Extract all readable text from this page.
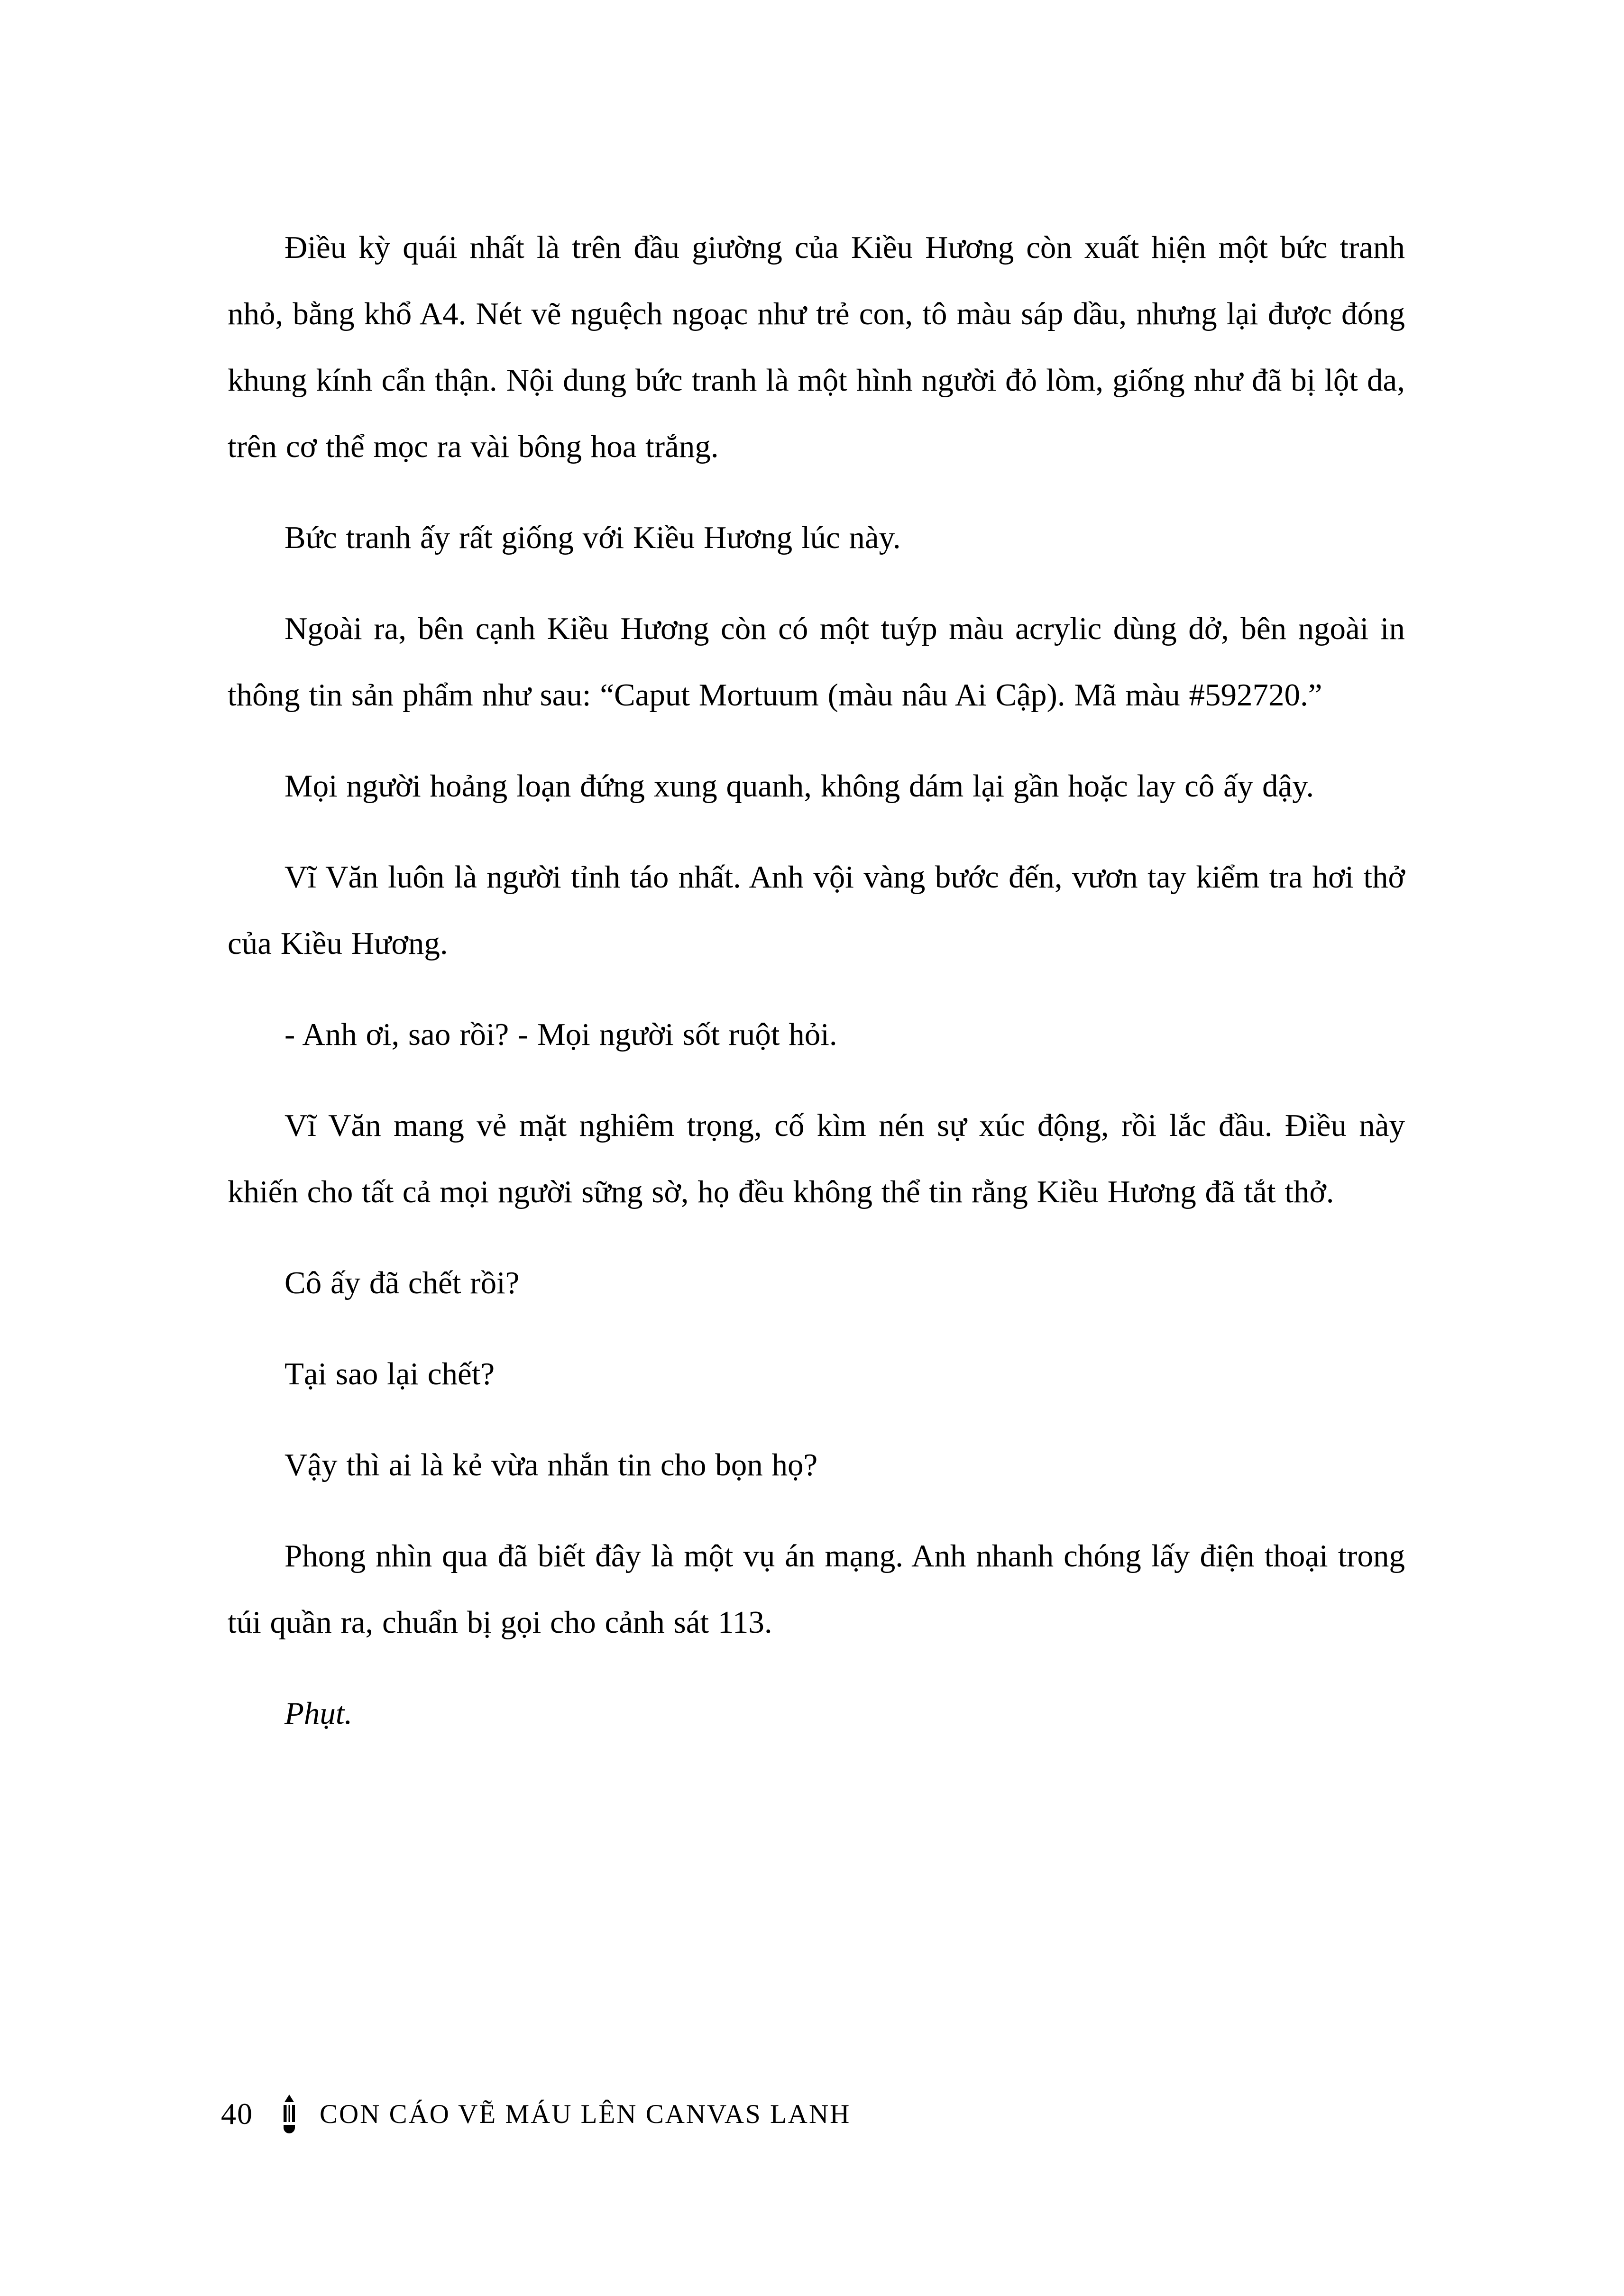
Điều kỳ quái nhất là trên đầu giường của Kiều Hương còn xuất hiện một bức tranh nhỏ, bằng khổ A4. Nét vẽ nguệch ngoạc như trẻ con, tô màu sáp dầu, nhưng lại được đóng khung kính cẩn thận. Nội dung bức tranh là một hình người đỏ lòm, giống như đã bị lột da, trên cơ thể mọc ra vài bông hoa trắng.

Bức tranh ấy rất giống với Kiều Hương lúc này.

Ngoài ra, bên cạnh Kiều Hương còn có một tuýp màu acrylic dùng dở, bên ngoài in thông tin sản phẩm như sau: “Caput Mortuum (màu nâu Ai Cập). Mã màu #592720.”

Mọi người hoảng loạn đứng xung quanh, không dám lại gần hoặc lay cô ấy dậy.

Vĩ Văn luôn là người tỉnh táo nhất. Anh vội vàng bước đến, vươn tay kiểm tra hơi thở của Kiều Hương.

- Anh ơi, sao rồi? - Mọi người sốt ruột hỏi.

Vĩ Văn mang vẻ mặt nghiêm trọng, cố kìm nén sự xúc động, rồi lắc đầu. Điều này khiến cho tất cả mọi người sững sờ, họ đều không thể tin rằng Kiều Hương đã tắt thở.

Cô ấy đã chết rồi?

Tại sao lại chết?

Vậy thì ai là kẻ vừa nhắn tin cho bọn họ?

Phong nhìn qua đã biết đây là một vụ án mạng. Anh nhanh chóng lấy điện thoại trong túi quần ra, chuẩn bị gọi cho cảnh sát 113.

Phụt.

40 CON CÁO VẼ MÁU LÊN CANVAS LANH
